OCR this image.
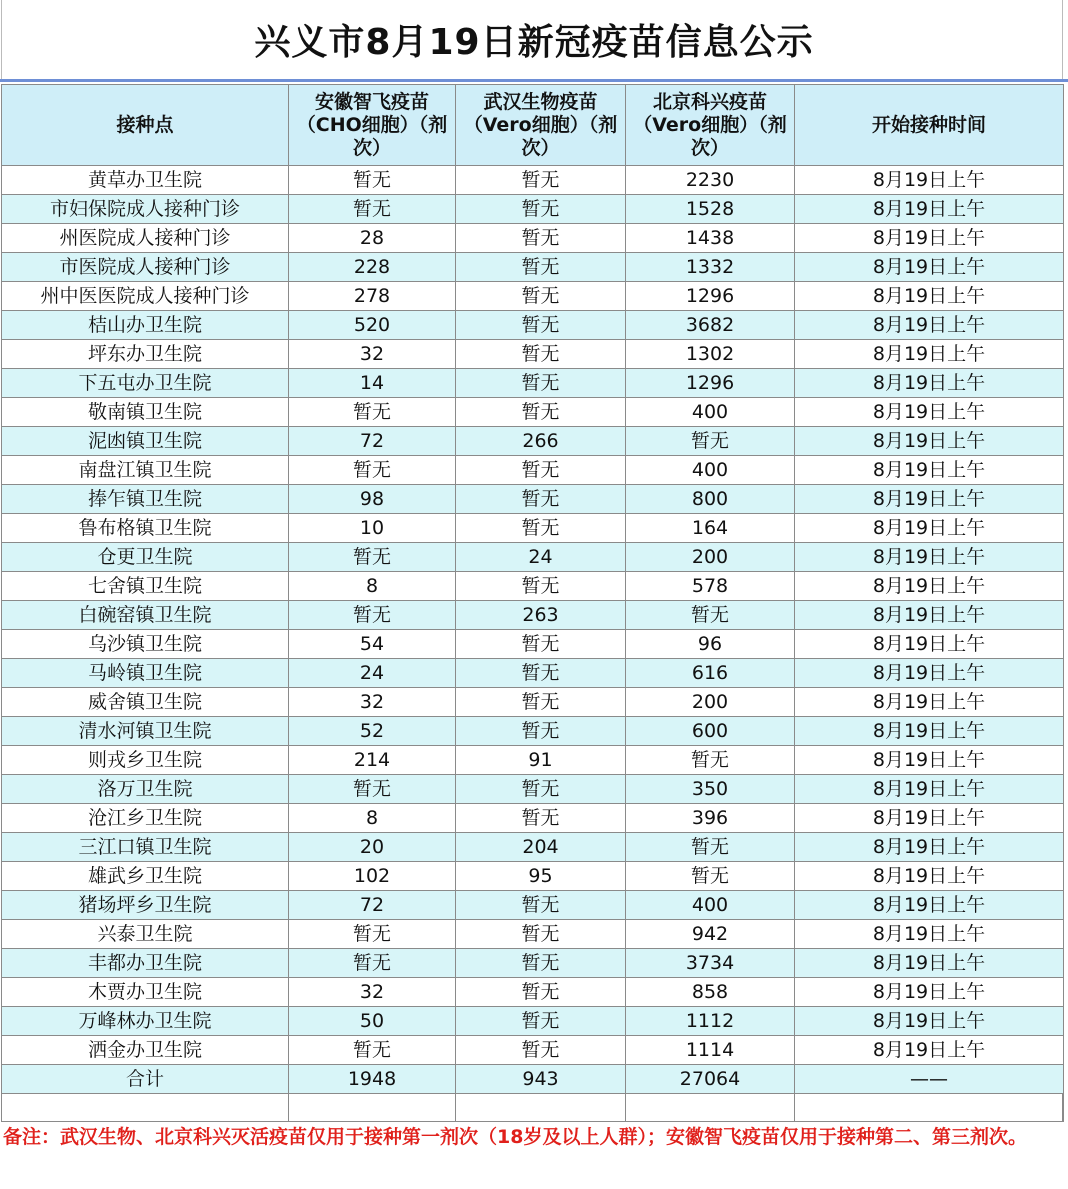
兴义市8月19日新冠疫苗信息公示
接种点	安徽智飞疫苗（CHO细胞）（剂次）	武汉生物疫苗（Vero细胞）（剂次）	北京科兴疫苗（Vero细胞）（剂次）	开始接种时间
黄草办卫生院	暂无	暂无	2230	8月19日上午
市妇保院成人接种门诊	暂无	暂无	1528	8月19日上午
州医院成人接种门诊	28	暂无	1438	8月19日上午
市医院成人接种门诊	228	暂无	1332	8月19日上午
州中医医院成人接种门诊	278	暂无	1296	8月19日上午
桔山办卫生院	520	暂无	3682	8月19日上午
坪东办卫生院	32	暂无	1302	8月19日上午
下五屯办卫生院	14	暂无	1296	8月19日上午
敬南镇卫生院	暂无	暂无	400	8月19日上午
泥凼镇卫生院	72	266	暂无	8月19日上午
南盘江镇卫生院	暂无	暂无	400	8月19日上午
捧乍镇卫生院	98	暂无	800	8月19日上午
鲁布格镇卫生院	10	暂无	164	8月19日上午
仓更卫生院	暂无	24	200	8月19日上午
七舍镇卫生院	8	暂无	578	8月19日上午
白碗窑镇卫生院	暂无	263	暂无	8月19日上午
乌沙镇卫生院	54	暂无	96	8月19日上午
马岭镇卫生院	24	暂无	616	8月19日上午
威舍镇卫生院	32	暂无	200	8月19日上午
清水河镇卫生院	52	暂无	600	8月19日上午
则戎乡卫生院	214	91	暂无	8月19日上午
洛万卫生院	暂无	暂无	350	8月19日上午
沧江乡卫生院	8	暂无	396	8月19日上午
三江口镇卫生院	20	204	暂无	8月19日上午
雄武乡卫生院	102	95	暂无	8月19日上午
猪场坪乡卫生院	72	暂无	400	8月19日上午
兴泰卫生院	暂无	暂无	942	8月19日上午
丰都办卫生院	暂无	暂无	3734	8月19日上午
木贾办卫生院	32	暂无	858	8月19日上午
万峰林办卫生院	50	暂无	1112	8月19日上午
洒金办卫生院	暂无	暂无	1114	8月19日上午
合计	1948	943	27064	——

备注：武汉生物、北京科兴灭活疫苗仅用于接种第一剂次（18岁及以上人群）；安徽智飞疫苗仅用于接种第二、第三剂次。
